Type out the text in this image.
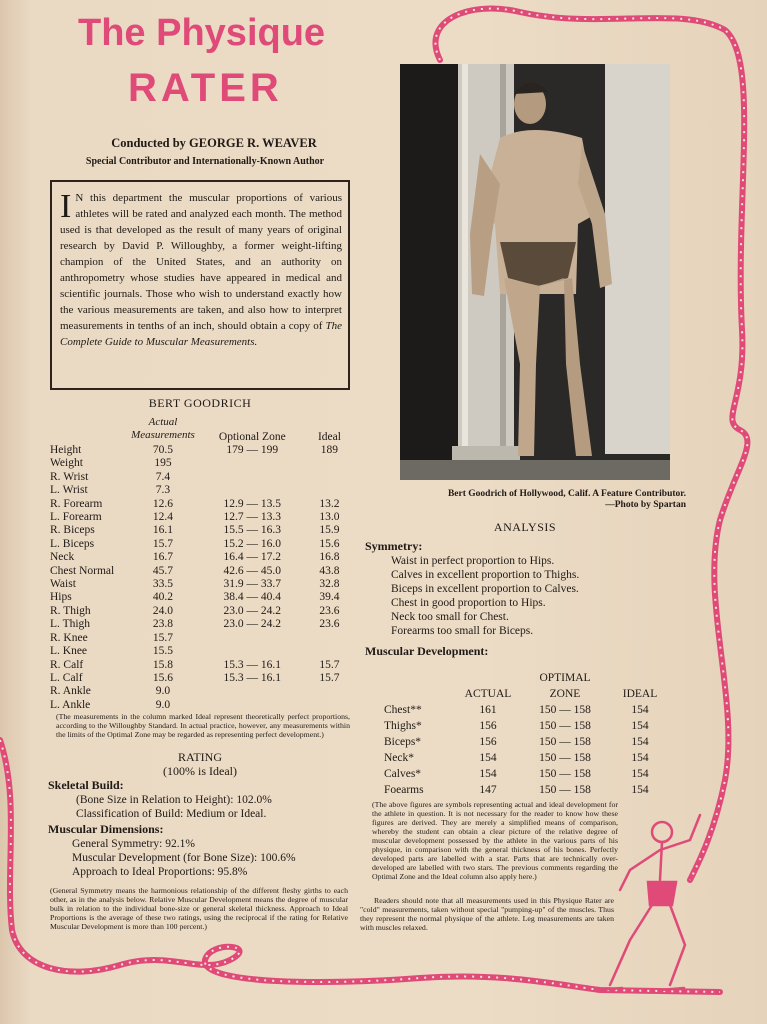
The Physique
RATER
Conducted by GEORGE R. WEAVER
Special Contributor and Internationally-Known Author
I N this department the muscular proportions of various athletes will be rated and analyzed each month. The method used is that developed as the result of many years of original research by David P. Willoughby, a former weight-lifting champion of the United States, and an authority on anthropometry whose studies have appeared in medical and scientific journals. Those who wish to understand exactly how the various measurements are taken, and also how to interpret measurements in tenths of an inch, should obtain a copy of The Complete Guide to Muscular Measurements.
BERT GOODRICH
	Actual Measurements	Optional Zone	Ideal
Height	70.5	179 — 199	189
Weight	195		
R. Wrist	7.4		
L. Wrist	7.3		
R. Forearm	12.6	12.9 — 13.5	13.2
L. Forearm	12.4	12.7 — 13.3	13.0
R. Biceps	16.1	15.5 — 16.3	15.9
L. Biceps	15.7	15.2 — 16.0	15.6
Neck	16.7	16.4 — 17.2	16.8
Chest Normal	45.7	42.6 — 45.0	43.8
Waist	33.5	31.9 — 33.7	32.8
Hips	40.2	38.4 — 40.4	39.4
R. Thigh	24.0	23.0 — 24.2	23.6
L. Thigh	23.8	23.0 — 24.2	23.6
R. Knee	15.7		
L. Knee	15.5		
R. Calf	15.8	15.3 — 16.1	15.7
L. Calf	15.6	15.3 — 16.1	15.7
R. Ankle	9.0		
L. Ankle	9.0		
(The measurements in the column marked Ideal represent theoretically perfect proportions, according to the Willoughby Standard. In actual practice, however, any measurements within the limits of the Optimal Zone may be regarded as representing perfect development.)
RATING
(100% is Ideal)
Skeletal Build:
(Bone Size in Relation to Height): 102.0%
Classification of Build: Medium or Ideal.
Muscular Dimensions:
General Symmetry: 92.1%
Muscular Development (for Bone Size): 100.6%
Approach to Ideal Proportions: 95.8%
(General Symmetry means the harmonious relationship of the different fleshy girths to each other, as in the analysis below. Relative Muscular Development means the degree of muscular bulk in relation to the individual bone-size or general skeletal thickness. Approach to Ideal Proportions is the average of these two ratings, using the reciprocal if the rating for Relative Muscular Development is more than 100 percent.)
Bert Goodrich of Hollywood, Calif. A Feature Contributor.
—Photo by Spartan
ANALYSIS
Symmetry:
Waist in perfect proportion to Hips.
Calves in excellent proportion to Thighs.
Biceps in excellent proportion to Calves.
Chest in good proportion to Hips.
Neck too small for Chest.
Forearms too small for Biceps.
Muscular Development:
		OPTIMAL	
	ACTUAL	ZONE	IDEAL
Chest**	161	150 — 158	154
Thighs*	156	150 — 158	154
Biceps*	156	150 — 158	154
Neck*	154	150 — 158	154
Calves*	154	150 — 158	154
Foearms	147	150 — 158	154
(The above figures are symbols representing actual and ideal development for the athlete in question. It is not necessary for the reader to know how these figures are derived. They are merely a simplified means of comparison, whereby the student can obtain a clear picture of the relative degree of muscular development possessed by the athlete in the various parts of his physique, in comparison with the general thickness of his bones. Perfectly developed parts are labelled with a star. Parts that are technically over-developed are labelled with two stars. The previous comments regarding the Optimal Zone and the Ideal column also apply here.)
Readers should note that all measurements used in this Physique Rater are "cold" measurements, taken without special "pumping-up" of the muscles. Thus they represent the normal physique of the athlete. Leg measurements are taken with muscles relaxed.
